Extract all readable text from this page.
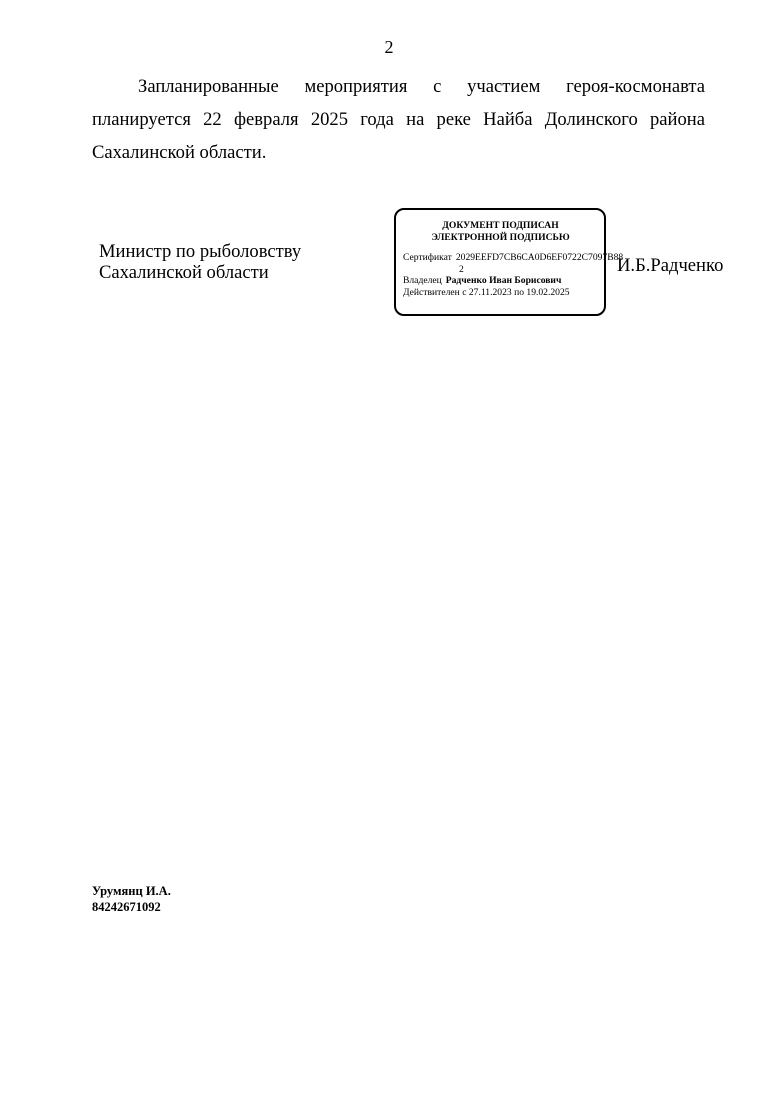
2

Запланированные мероприятия с участием героя-космонавта планируется 22 февраля 2025 года на реке Найба Долинского района Сахалинской области.

Министр по рыболовству
Сахалинской области
ДОКУМЕНТ ПОДПИСАН
ЭЛЕКТРОННОЙ ПОДПИСЬЮ
Сертификат 2029EEFD7CB6CA0D6EF0722C7097B88
2
Владелец Радченко Иван Борисович
Действителен с 27.11.2023 по 19.02.2025
И.Б.Радченко
Урумянц И.А.
84242671092
